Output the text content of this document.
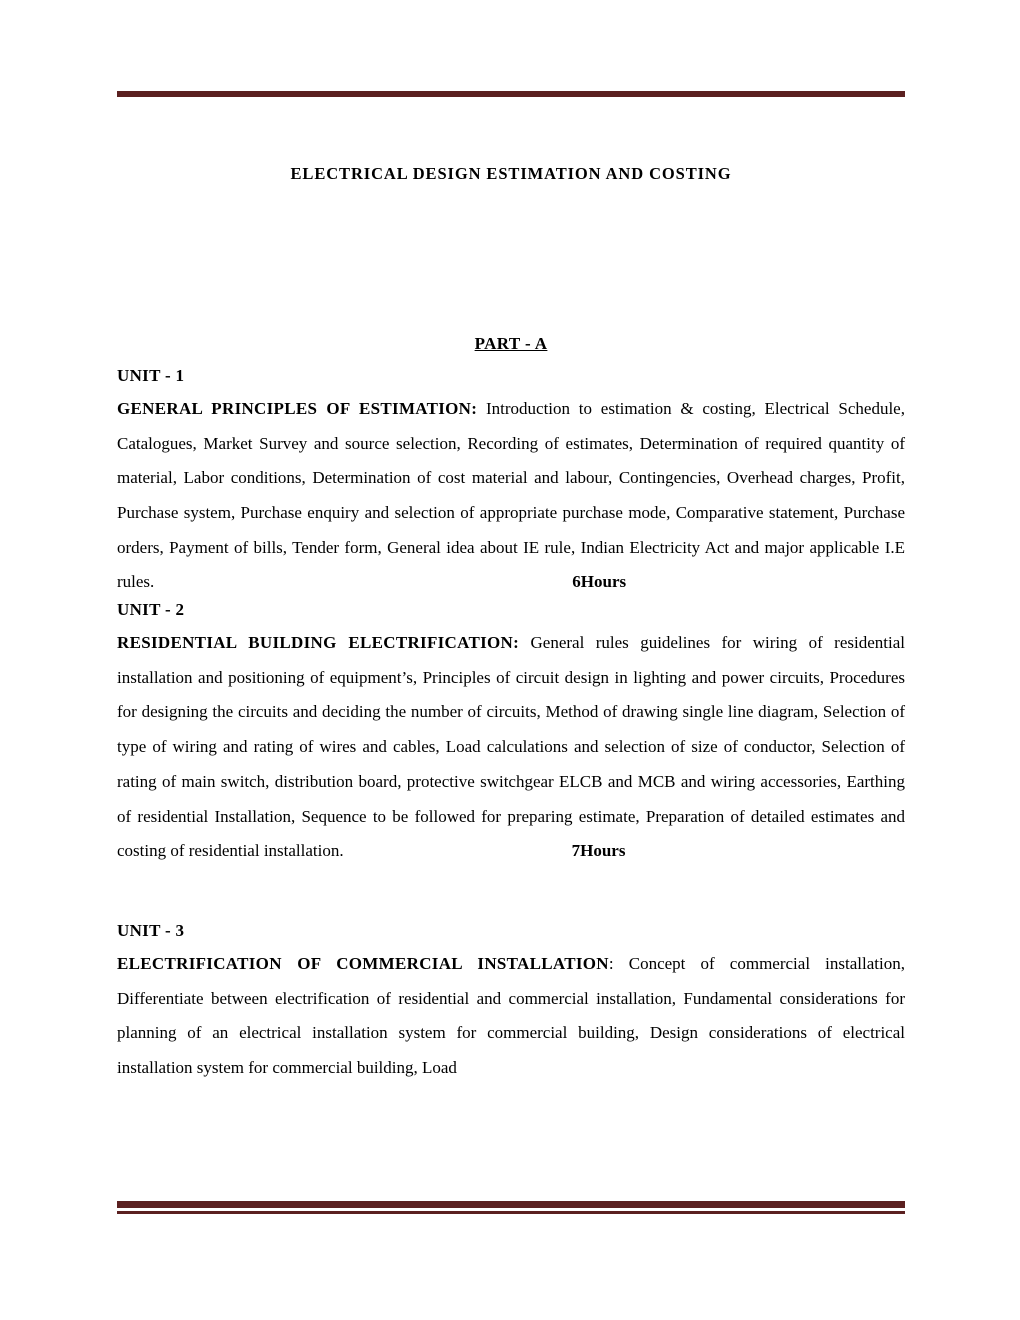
ELECTRICAL DESIGN ESTIMATION AND COSTING
PART - A
UNIT - 1

GENERAL PRINCIPLES OF ESTIMATION: Introduction to estimation & costing, Electrical Schedule, Catalogues, Market Survey and source selection, Recording of estimates, Determination of required quantity of material, Labor conditions, Determination of cost material and labour, Contingencies, Overhead charges, Profit, Purchase system, Purchase enquiry and selection of appropriate purchase mode, Comparative statement, Purchase orders, Payment of bills, Tender form, General idea about IE rule, Indian Electricity Act and major applicable I.E rules.	6Hours

UNIT - 2

RESIDENTIAL BUILDING ELECTRIFICATION: General rules guidelines for wiring of residential installation and positioning of equipment’s, Principles of circuit design in lighting and power circuits, Procedures for designing the circuits and deciding the number of circuits, Method of drawing single line diagram, Selection of type of wiring and rating of wires and cables, Load calculations and selection of size of conductor, Selection of rating of main switch, distribution board, protective switchgear ELCB and MCB and wiring accessories, Earthing of residential Installation, Sequence to be followed for preparing estimate, Preparation of detailed estimates and costing of residential installation.	7Hours

UNIT - 3

ELECTRIFICATION OF COMMERCIAL INSTALLATION: Concept of commercial installation, Differentiate between electrification of residential and commercial installation, Fundamental considerations for planning of an electrical installation system for commercial building, Design considerations of electrical installation system for commercial building, Load
